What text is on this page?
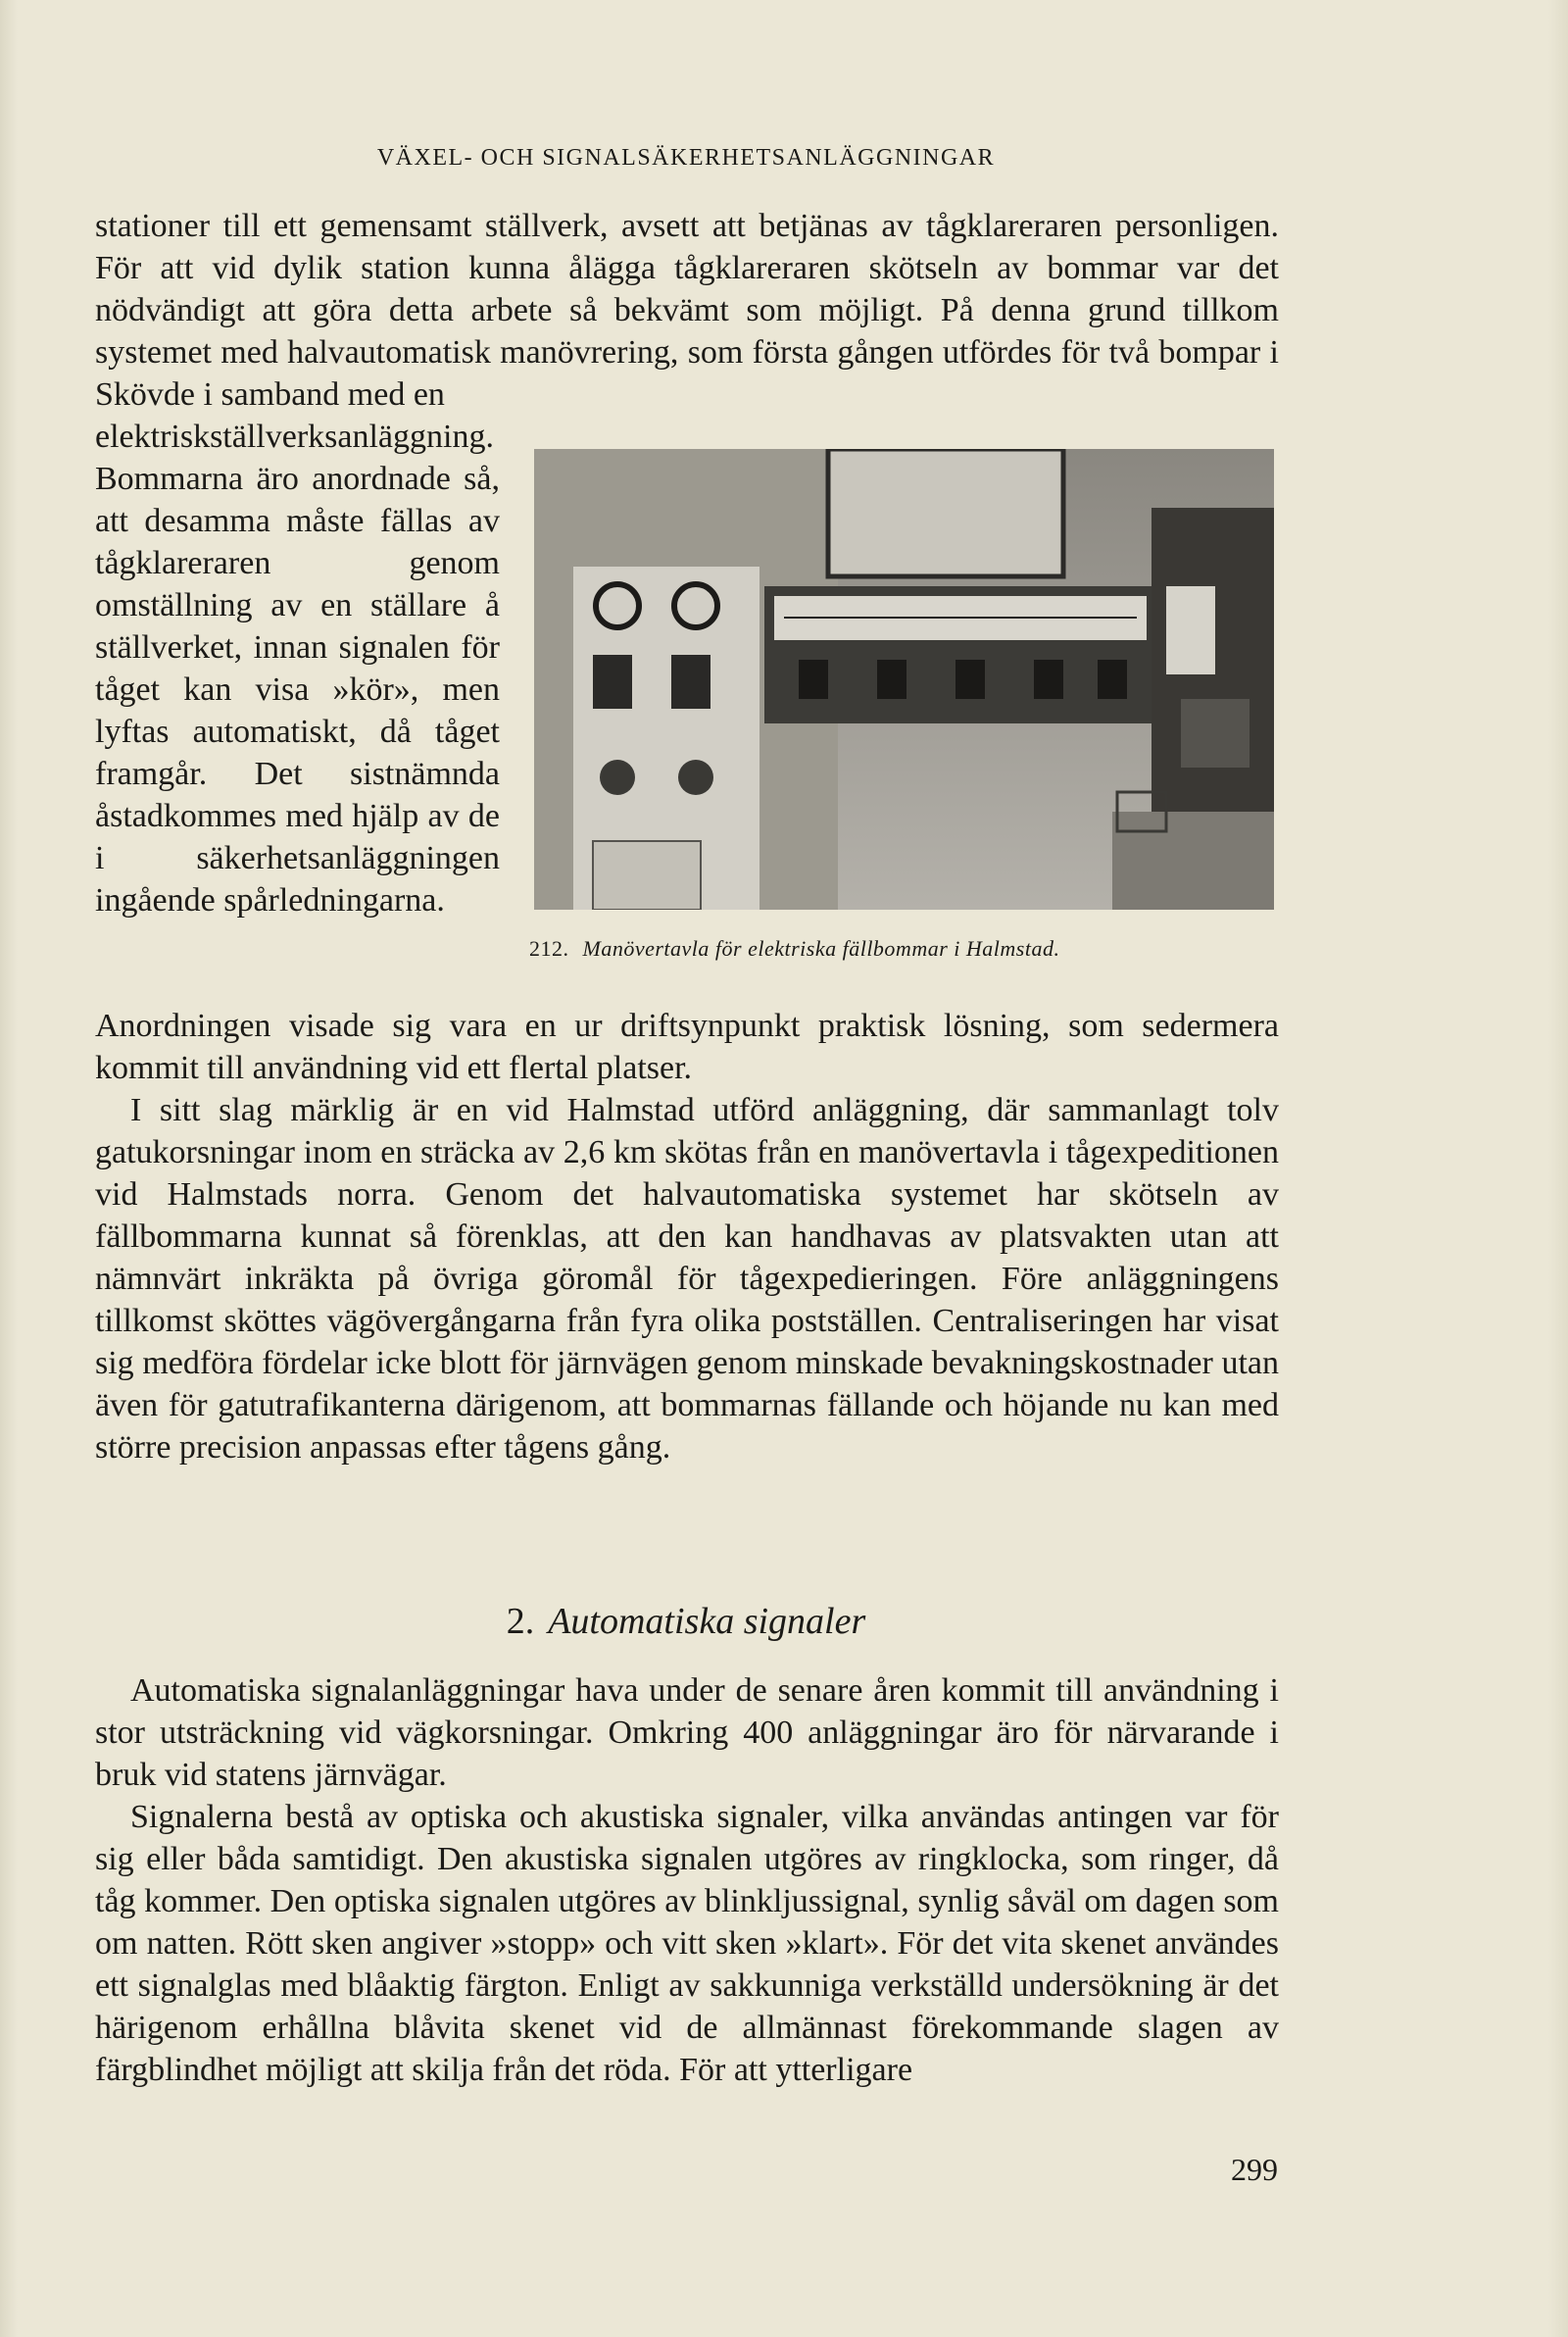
VÄXEL- OCH SIGNALSÄKERHETSANLÄGGNINGAR

stationer till ett gemensamt ställverk, avsett att betjänas av tågklareraren personligen. För att vid dylik station kunna ålägga tågklareraren skötseln av bommar var det nödvändigt att göra detta arbete så bekvämt som möjligt. På denna grund tillkom systemet med halvautomatisk manövrering, som första gången utfördes för två bompar i Skövde i samband med en

elektriskställverksanläggning. Bommarna äro anordnade så, att desamma måste fällas av tågklareraren genom omställning av en ställare å ställverket, innan signalen för tåget kan visa »kör», men lyftas automatiskt, då tåget framgår. Det sistnämnda åstadkommes med hjälp av de i säkerhetsanläggningen ingående spårledningarna.

212. Manövertavla för elektriska fällbommar i Halmstad.

Anordningen visade sig vara en ur driftsynpunkt praktisk lösning, som sedermera kommit till användning vid ett flertal platser.

I sitt slag märklig är en vid Halmstad utförd anläggning, där sammanlagt tolv gatukorsningar inom en sträcka av 2,6 km skötas från en manövertavla i tågexpeditionen vid Halmstads norra. Genom det halvautomatiska systemet har skötseln av fällbommarna kunnat så förenklas, att den kan handhavas av platsvakten utan att nämnvärt inkräkta på övriga göromål för tågexpedieringen. Före anläggningens tillkomst sköttes vägövergångarna från fyra olika postställen. Centraliseringen har visat sig medföra fördelar icke blott för järnvägen genom minskade bevakningskostnader utan även för gatutrafikanterna därigenom, att bommarnas fällande och höjande nu kan med större precision anpassas efter tågens gång.

2. Automatiska signaler

Automatiska signalanläggningar hava under de senare åren kommit till användning i stor utsträckning vid vägkorsningar. Omkring 400 anläggningar äro för närvarande i bruk vid statens järnvägar.

Signalerna bestå av optiska och akustiska signaler, vilka användas antingen var för sig eller båda samtidigt. Den akustiska signalen utgöres av ringklocka, som ringer, då tåg kommer. Den optiska signalen utgöres av blinkljussignal, synlig såväl om dagen som om natten. Rött sken angiver »stopp» och vitt sken »klart». För det vita skenet användes ett signalglas med blåaktig färgton. Enligt av sakkunniga verkställd undersökning är det härigenom erhållna blåvita skenet vid de allmännast förekommande slagen av färgblindhet möjligt att skilja från det röda. För att ytterligare

299
